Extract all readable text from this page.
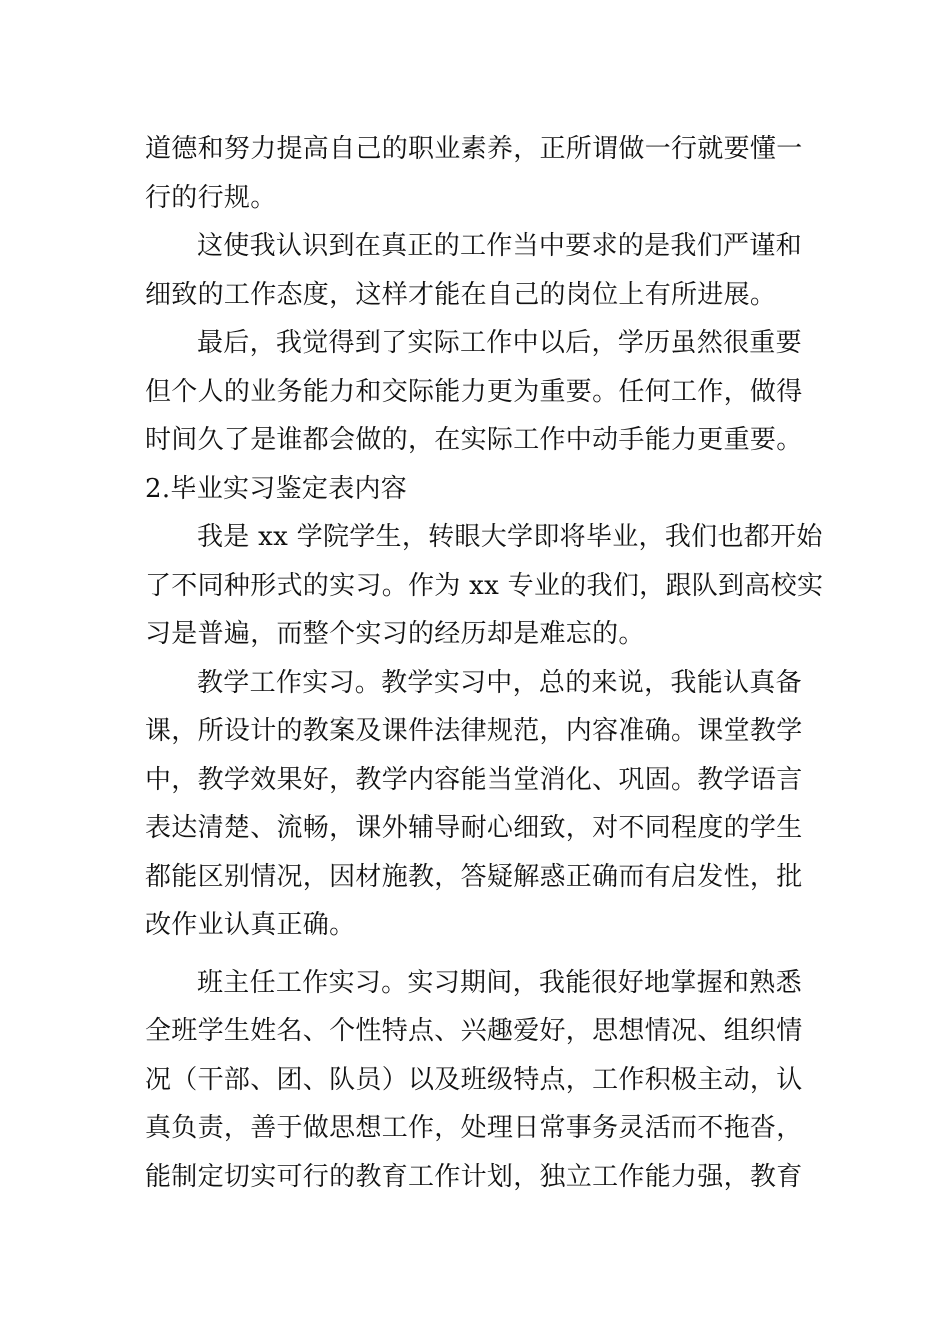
道德和努力提高自己的职业素养，正所谓做一行就要懂一
行的行规。
这使我认识到在真正的工作当中要求的是我们严谨和
细致的工作态度，这样才能在自己的岗位上有所进展。
最后，我觉得到了实际工作中以后，学历虽然很重要
但个人的业务能力和交际能力更为重要。任何工作，做得
时间久了是谁都会做的，在实际工作中动手能力更重要。
2.毕业实习鉴定表内容
我是 xx 学院学生，转眼大学即将毕业，我们也都开始
了不同种形式的实习。作为 xx 专业的我们，跟队到高校实
习是普遍，而整个实习的经历却是难忘的。
教学工作实习。教学实习中，总的来说，我能认真备
课，所设计的教案及课件法律规范，内容准确。课堂教学
中，教学效果好，教学内容能当堂消化、巩固。教学语言
表达清楚、流畅，课外辅导耐心细致，对不同程度的学生
都能区别情况，因材施教，答疑解惑正确而有启发性，批
改作业认真正确。
班主任工作实习。实习期间，我能很好地掌握和熟悉
全班学生姓名、个性特点、兴趣爱好，思想情况、组织情
况（干部、团、队员）以及班级特点，工作积极主动，认
真负责，善于做思想工作，处理日常事务灵活而不拖沓，
能制定切实可行的教育工作计划，独立工作能力强，教育
